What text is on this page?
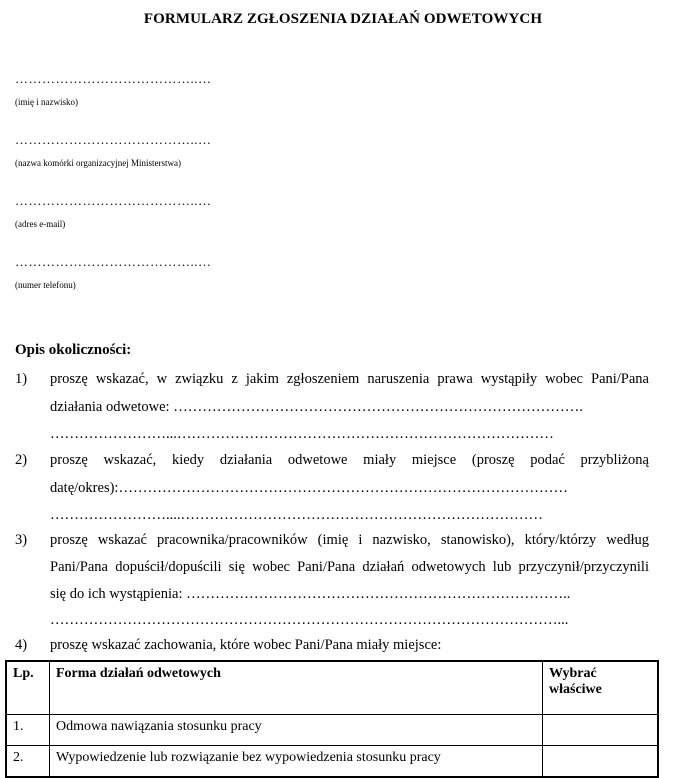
FORMULARZ ZGŁOSZENIA DZIAŁAŃ ODWETOWYCH
…………………………………..…
(imię i nazwisko)
…………………………………..…
(nazwa komórki organizacyjnej Ministerstwa)
…………………………………..…
(adres e-mail)
…………………………………..…
(numer telefonu)
Opis okoliczności:
1) proszę wskazać, w związku z jakim zgłoszeniem naruszenia prawa wystąpiły wobec Pani/Pana
działania odwetowe: ………………………………………………………………………….
……………………...……………………………………………………………………
2) proszę wskazać, kiedy działania odwetowe miały miejsce (proszę podać przybliżoną
datę/okres):…………………………………………………………………………………
……………………....…………………………………………………………………
3) proszę wskazać pracownika/pracowników (imię i nazwisko, stanowisko), który/którzy według
Pani/Pana dopuścił/dopuścili się wobec Pani/Pana działań odwetowych lub przyczynił/przyczynili
się do ich wystąpienia: ……………………………………………………………………..
……………………………………………………………………………………………...
4) proszę wskazać zachowania, które wobec Pani/Pana miały miejsce:
Lp.	Forma działań odwetowych	Wybrać właściwe
1.	Odmowa nawiązania stosunku pracy	
2.	Wypowiedzenie lub rozwiązanie bez wypowiedzenia stosunku pracy	
